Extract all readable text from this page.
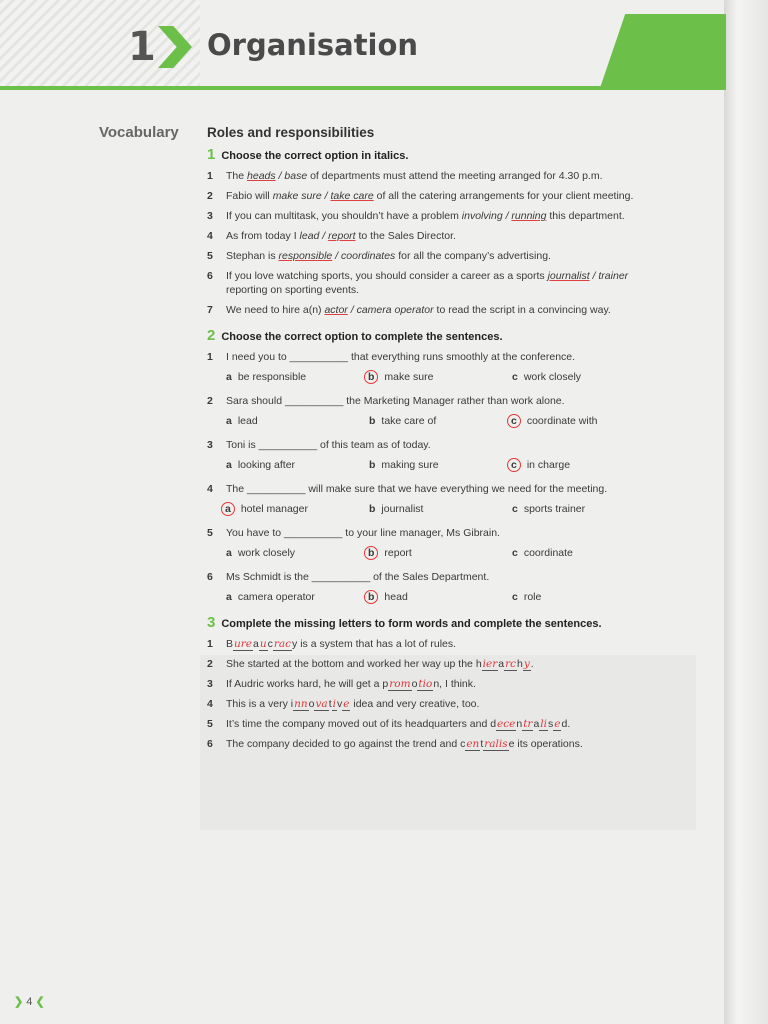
1 Organisation
Vocabulary Roles and responsibilities
1 Choose the correct option in italics.
1	The heads / base of departments must attend the meeting arranged for 4.30 p.m.
2	Fabio will make sure / take care of all the catering arrangements for your client meeting.
3	If you can multitask, you shouldn’t have a problem involving / running this department.
4	As from today I lead / report to the Sales Director.
5	Stephan is responsible / coordinates for all the company’s advertising.
6	If you love watching sports, you should consider a career as a sports journalist / trainer reporting on sporting events.
7	We need to hire a(n) actor / camera operator to read the script in a convincing way.
2 Choose the correct option to complete the sentences.
1	I need you to __________ that everything runs smoothly at the conference.
a be responsible	b make sure	c work closely
2	Sara should __________ the Marketing Manager rather than work alone.
a lead	b take care of	c coordinate with
3	Toni is __________ of this team as of today.
a looking after	b making sure	c in charge
4	The __________ will make sure that we have everything we need for the meeting.
a hotel manager	b journalist	c sports trainer
5	You have to __________ to your line manager, Ms Gibrain.
a work closely	b report	c coordinate
6	Ms Schmidt is the __________ of the Sales Department.
a camera operator	b head	c role
3 Complete the missing letters to form words and complete the sentences.
1	Bureaucracy is a system that has a lot of rules.
2	She started at the bottom and worked her way up the hierarchy.
3	If Audric works hard, he will get a promotion, I think.
4	This is a very innovative idea and very creative, too.
5	It’s time the company moved out of its headquarters and decentralised.
6	The company decided to go against the trend and centralise its operations.
❯ 4 ❮
